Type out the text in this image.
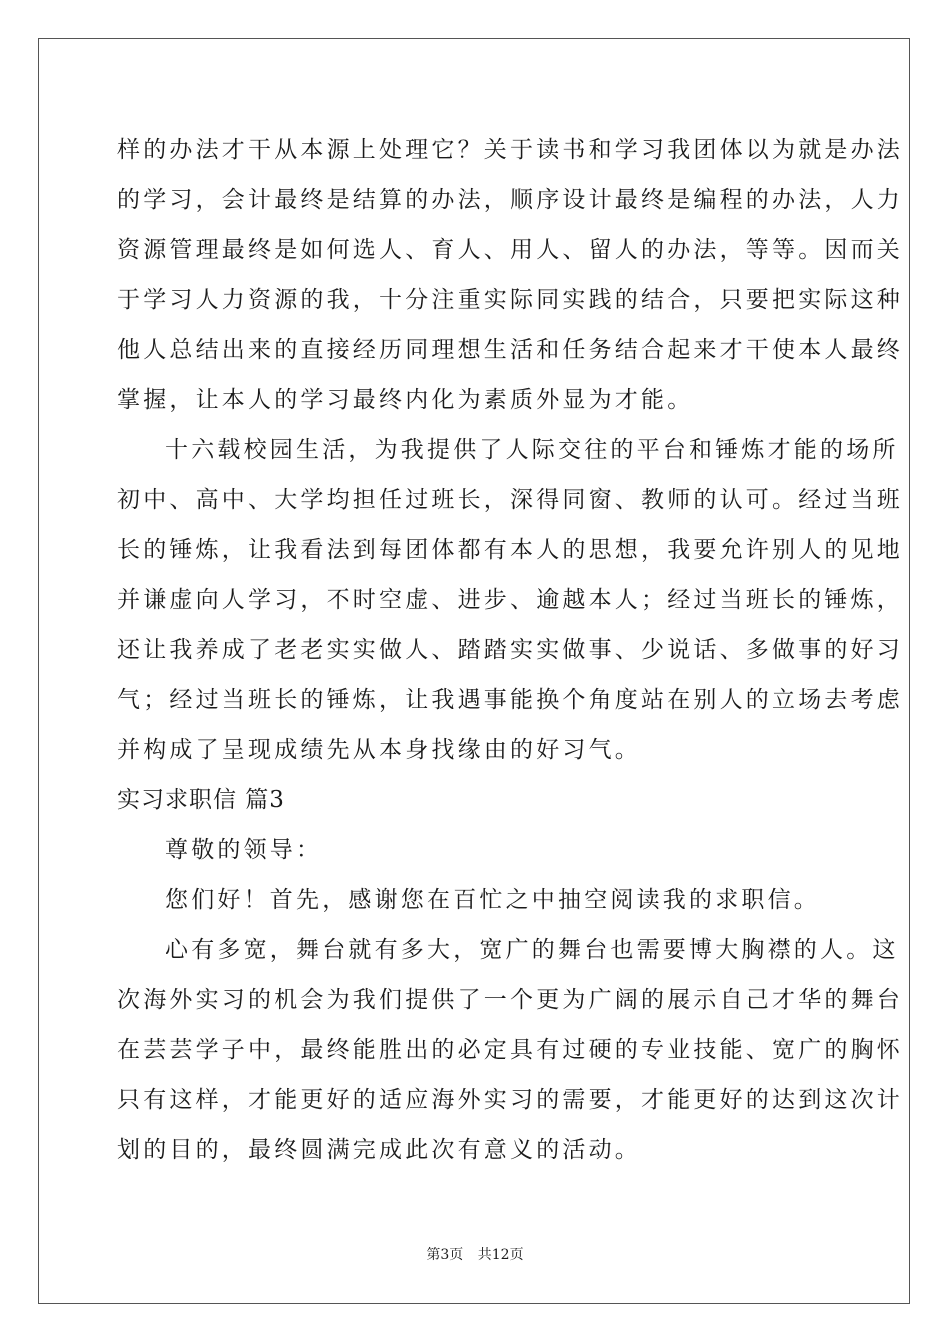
样的办法才干从本源上处理它？关于读书和学习我团体以为就是办法
的学习，会计最终是结算的办法，顺序设计最终是编程的办法，人力
资源管理最终是如何选人、育人、用人、留人的办法，等等。因而关
于学习人力资源的我，十分注重实际同实践的结合，只要把实际这种
他人总结出来的直接经历同理想生活和任务结合起来才干使本人最终
掌握，让本人的学习最终内化为素质外显为才能。
十六载校园生活，为我提供了人际交往的平台和锤炼才能的场所
初中、高中、大学均担任过班长，深得同窗、教师的认可。经过当班
长的锤炼，让我看法到每团体都有本人的思想，我要允许别人的见地
并谦虚向人学习，不时空虚、进步、逾越本人；经过当班长的锤炼，
还让我养成了老老实实做人、踏踏实实做事、少说话、多做事的好习
气；经过当班长的锤炼，让我遇事能换个角度站在别人的立场去考虑
并构成了呈现成绩先从本身找缘由的好习气。
实习求职信 篇3
尊敬的领导：
您们好！首先，感谢您在百忙之中抽空阅读我的求职信。
心有多宽，舞台就有多大，宽广的舞台也需要博大胸襟的人。这
次海外实习的机会为我们提供了一个更为广阔的展示自己才华的舞台
在芸芸学子中，最终能胜出的必定具有过硬的专业技能、宽广的胸怀
只有这样，才能更好的适应海外实习的需要，才能更好的达到这次计
划的目的，最终圆满完成此次有意义的活动。
第3页 共12页
